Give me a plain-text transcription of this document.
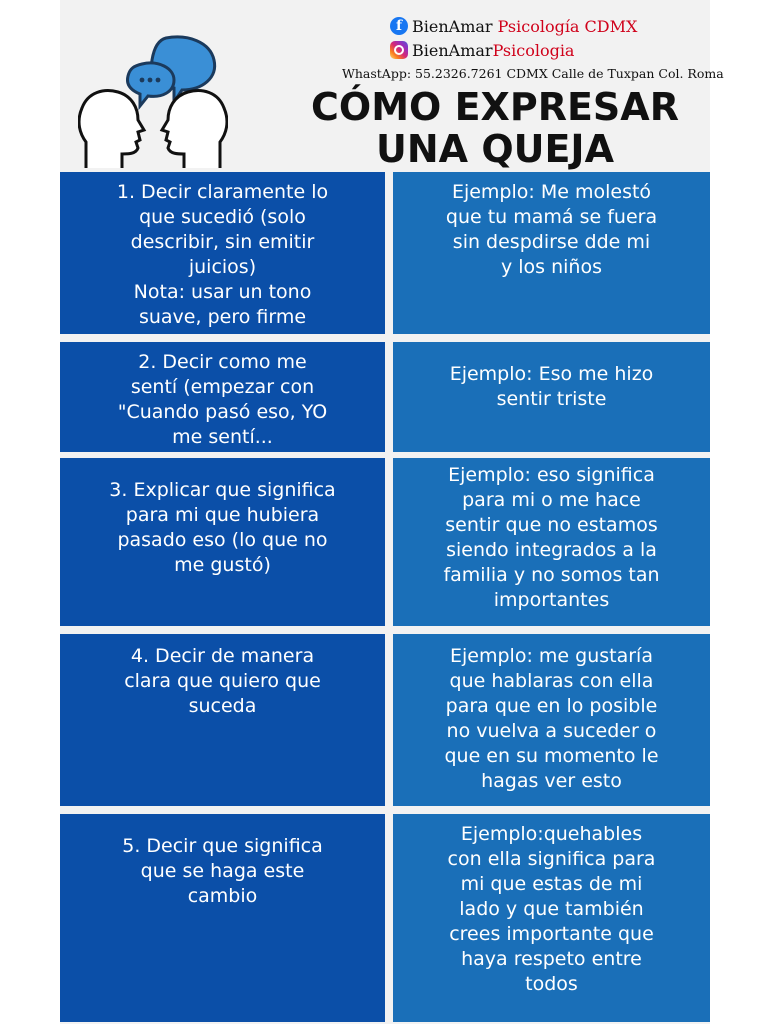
f BienAmar Psicología CDMX
BienAmar Psicologia
WhastApp: 55.2326.7261 CDMX Calle de Tuxpan Col. Roma
CÓMO EXPRESAR
UNA QUEJA
1. Decir claramente lo
que sucedió (solo
describir, sin emitir
juicios)
Nota: usar un tono
suave, pero firme
Ejemplo: Me molestó
que tu mamá se fuera
sin despdirse dde mi
y los niños
2. Decir como me
sentí (empezar con
"Cuando pasó eso, YO
me sentí...
Ejemplo: Eso me hizo
sentir triste
3. Explicar que significa
para mi que hubiera
pasado eso (lo que no
me gustó)
Ejemplo: eso significa
para mi o me hace
sentir que no estamos
siendo integrados a la
familia y no somos tan
importantes
4. Decir de manera
clara que quiero que
suceda
Ejemplo: me gustaría
que hablaras con ella
para que en lo posible
no vuelva a suceder o
que en su momento le
hagas ver esto
5. Decir que significa
que se haga este
cambio
Ejemplo:quehables
con ella significa para
mi que estas de mi
lado y que también
crees importante que
haya respeto entre
todos
